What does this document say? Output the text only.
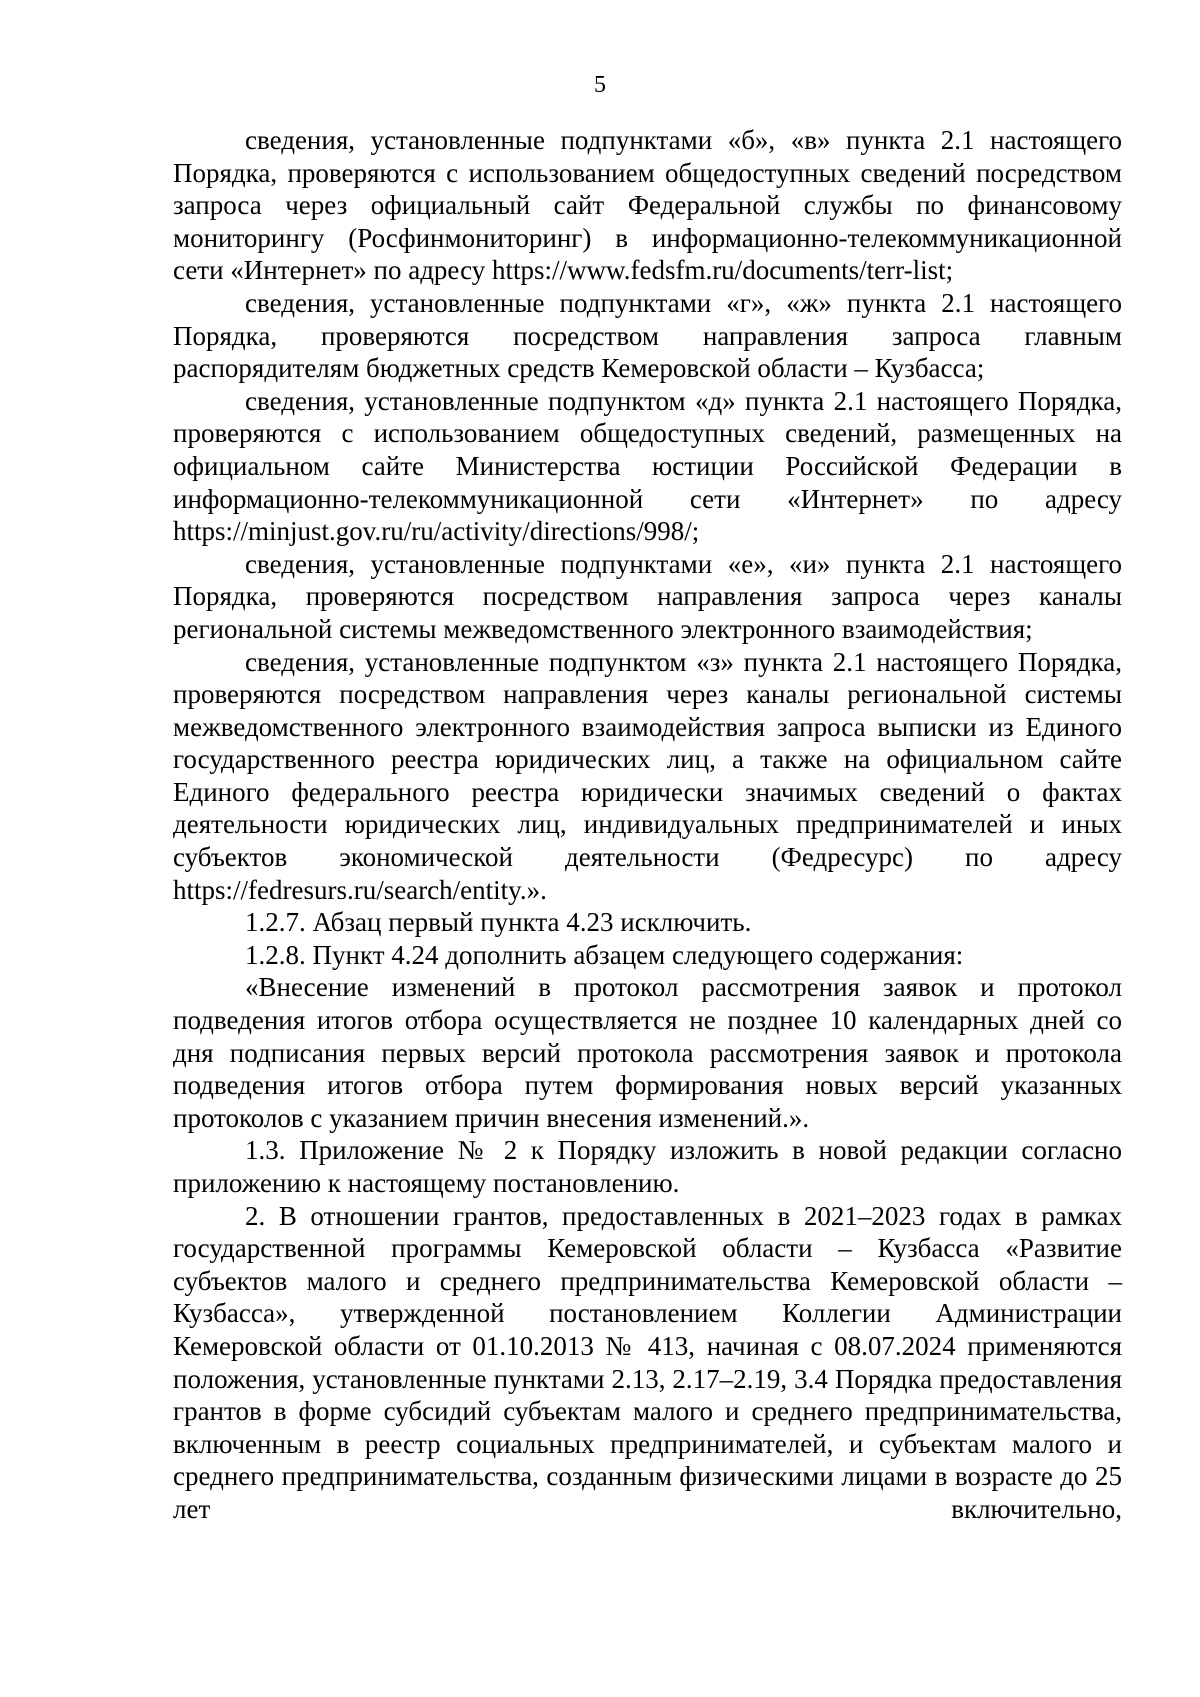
5

сведения, установленные подпунктами «б», «в» пункта 2.1 настоящего Порядка, проверяются с использованием общедоступных сведений посредством запроса через официальный сайт Федеральной службы по финансовому мониторингу (Росфинмониторинг) в информационно-телекоммуникационной сети «Интернет» по адресу https://www.fedsfm.ru/documents/terr-list;

сведения, установленные подпунктами «г», «ж» пункта 2.1 настоящего Порядка, проверяются посредством направления запроса главным распорядителям бюджетных средств Кемеровской области – Кузбасса;

сведения, установленные подпунктом «д» пункта 2.1 настоящего Порядка, проверяются с использованием общедоступных сведений, размещенных на официальном сайте Министерства юстиции Российской Федерации в информационно-телекоммуникационной сети «Интернет» по адресу https://minjust.gov.ru/ru/activity/directions/998/;

сведения, установленные подпунктами «е», «и» пункта 2.1 настоящего Порядка, проверяются посредством направления запроса через каналы региональной системы межведомственного электронного взаимодействия;

сведения, установленные подпунктом «з» пункта 2.1 настоящего Порядка, проверяются посредством направления через каналы региональной системы межведомственного электронного взаимодействия запроса выписки из Единого государственного реестра юридических лиц, а также на официальном сайте Единого федерального реестра юридически значимых сведений о фактах деятельности юридических лиц, индивидуальных предпринимателей и иных субъектов экономической деятельности (Федресурс) по адресу https://fedresurs.ru/search/entity.».

1.2.7. Абзац первый пункта 4.23 исключить.

1.2.8. Пункт 4.24 дополнить абзацем следующего содержания:

«Внесение изменений в протокол рассмотрения заявок и протокол подведения итогов отбора осуществляется не позднее 10 календарных дней со дня подписания первых версий протокола рассмотрения заявок и протокола подведения итогов отбора путем формирования новых версий указанных протоколов с указанием причин внесения изменений.».

1.3. Приложение № 2 к Порядку изложить в новой редакции согласно приложению к настоящему постановлению.

2. В отношении грантов, предоставленных в 2021–2023 годах в рамках государственной программы Кемеровской области – Кузбасса «Развитие субъектов малого и среднего предпринимательства Кемеровской области – Кузбасса», утвержденной постановлением Коллегии Администрации Кемеровской области от 01.10.2013 № 413, начиная с 08.07.2024 применяются положения, установленные пунктами 2.13, 2.17–2.19, 3.4 Порядка предоставления грантов в форме субсидий субъектам малого и среднего предпринимательства, включенным в реестр социальных предпринимателей, и субъектам малого и среднего предпринимательства, созданным физическими лицами в возрасте до 25 лет включительно,
